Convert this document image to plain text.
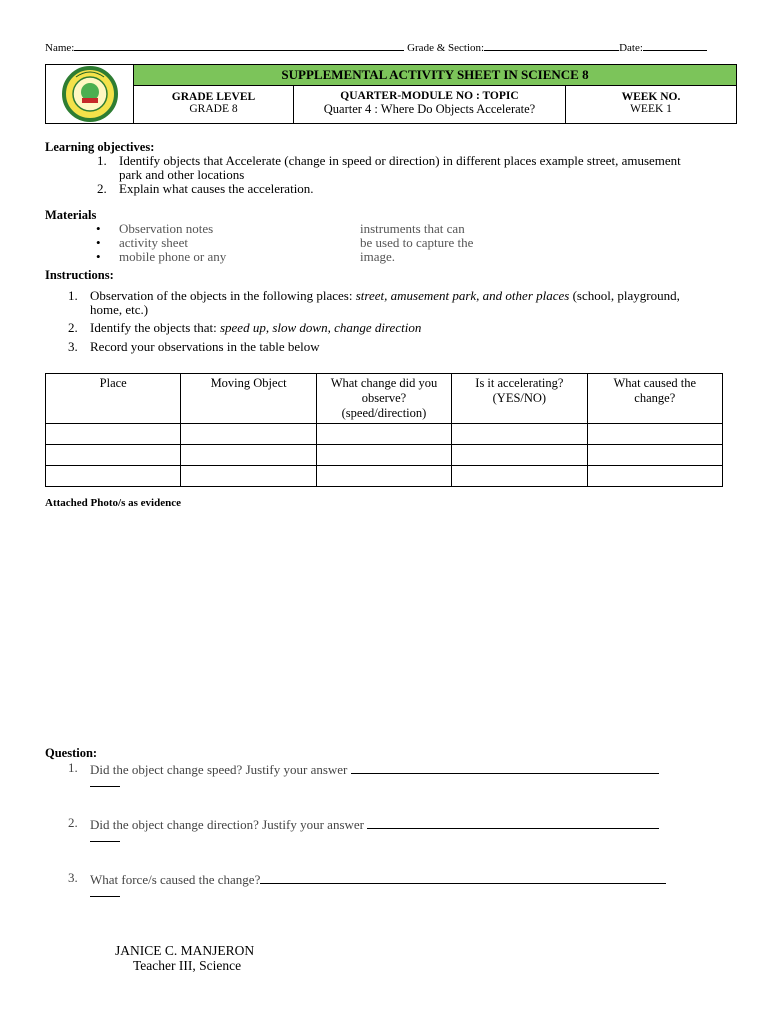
Name:	Grade & Section:	Date:
SUPPLEMENTAL ACTIVITY SHEET IN SCIENCE 8
GRADE LEVEL
GRADE 8
QUARTER-MODULE NO : TOPIC
Quarter 4 : Where Do Objects Accelerate?
WEEK NO.
WEEK 1
Learning objectives:
1. Identify objects that Accelerate (change in speed or direction) in different places example street, amusement
park and other locations
2. Explain what causes the acceleration.
Materials
• Observation notes
• activity sheet
• mobile phone or any
instruments that can
be used to capture the
image.
Instructions:
1. Observation of the objects in the following places: street, amusement park, and other places (school, playground,
home, etc.)
2. Identify the objects that: speed up, slow down, change direction
3. Record your observations in the table below
Place	Moving Object	What change did you observe? (speed/direction)	Is it accelerating? (YES/NO)	What caused the change?

Attached Photo/s as evidence
Question:
1. Did the object change speed? Justify your answer
2. Did the object change direction? Justify your answer
3. What force/s caused the change?
JANICE C. MANJERON
Teacher III, Science
